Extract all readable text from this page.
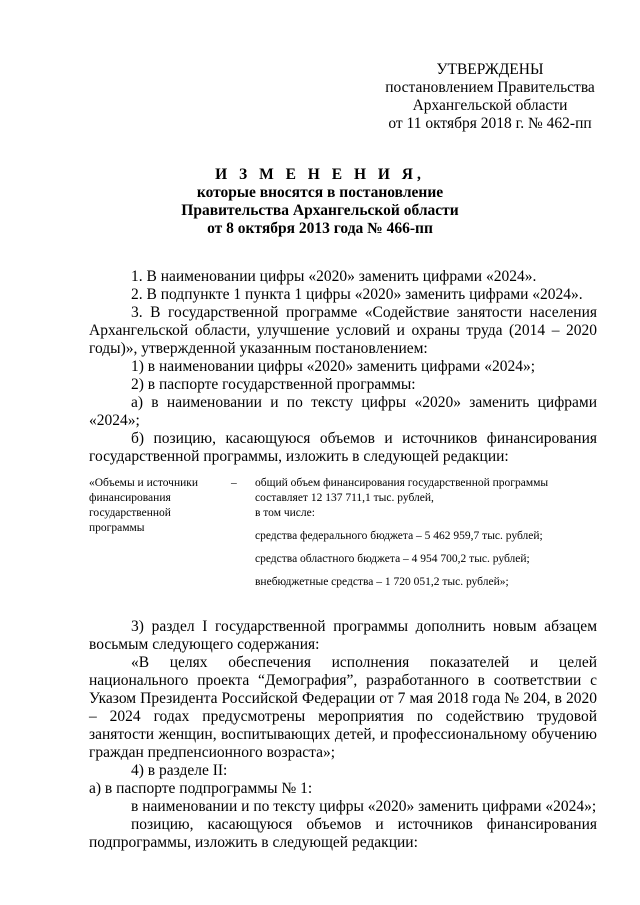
УТВЕРЖДЕНЫ
постановлением Правительства
Архангельской области
от 11 октября 2018 г. № 462-пп
И З М Е Н Е Н И Я,
которые вносятся в постановление
Правительства Архангельской области
от 8 октября 2013 года № 466-пп

1. В наименовании цифры «2020» заменить цифрами «2024».

2. В подпункте 1 пункта 1 цифры «2020» заменить цифрами «2024».

3. В государственной программе «Содействие занятости населения Архангельской области, улучшение условий и охраны труда (2014 – 2020 годы)», утвержденной указанным постановлением:

1) в наименовании цифры «2020» заменить цифрами «2024»;

2) в паспорте государственной программы:

а) в наименовании и по тексту цифры «2020» заменить цифрами «2024»;

б) позицию, касающуюся объемов и источников финансирования государственной программы, изложить в следующей редакции:

«Объемы и источники
финансирования
государственной
программы
–	общий объем финансирования государственной программы
составляет 12 137 711,1 тыс. рублей,
в том числе:
средства федерального бюджета – 5 462 959,7 тыс. рублей;
средства областного бюджета – 4 954 700,2 тыс. рублей;
внебюджетные средства – 1 720 051,2 тыс. рублей»;

3) раздел I государственной программы дополнить новым абзацем восьмым следующего содержания:

«В целях обеспечения исполнения показателей и целей национального проекта “Демография”, разработанного в соответствии с Указом Президента Российской Федерации от 7 мая 2018 года № 204, в 2020 – 2024 годах предусмотрены мероприятия по содействию трудовой занятости женщин, воспитывающих детей, и профессиональному обучению граждан предпенсионного возраста»;

4) в разделе II:

а) в паспорте подпрограммы № 1:

в наименовании и по тексту цифры «2020» заменить цифрами «2024»;

позицию, касающуюся объемов и источников финансирования подпрограммы, изложить в следующей редакции:
